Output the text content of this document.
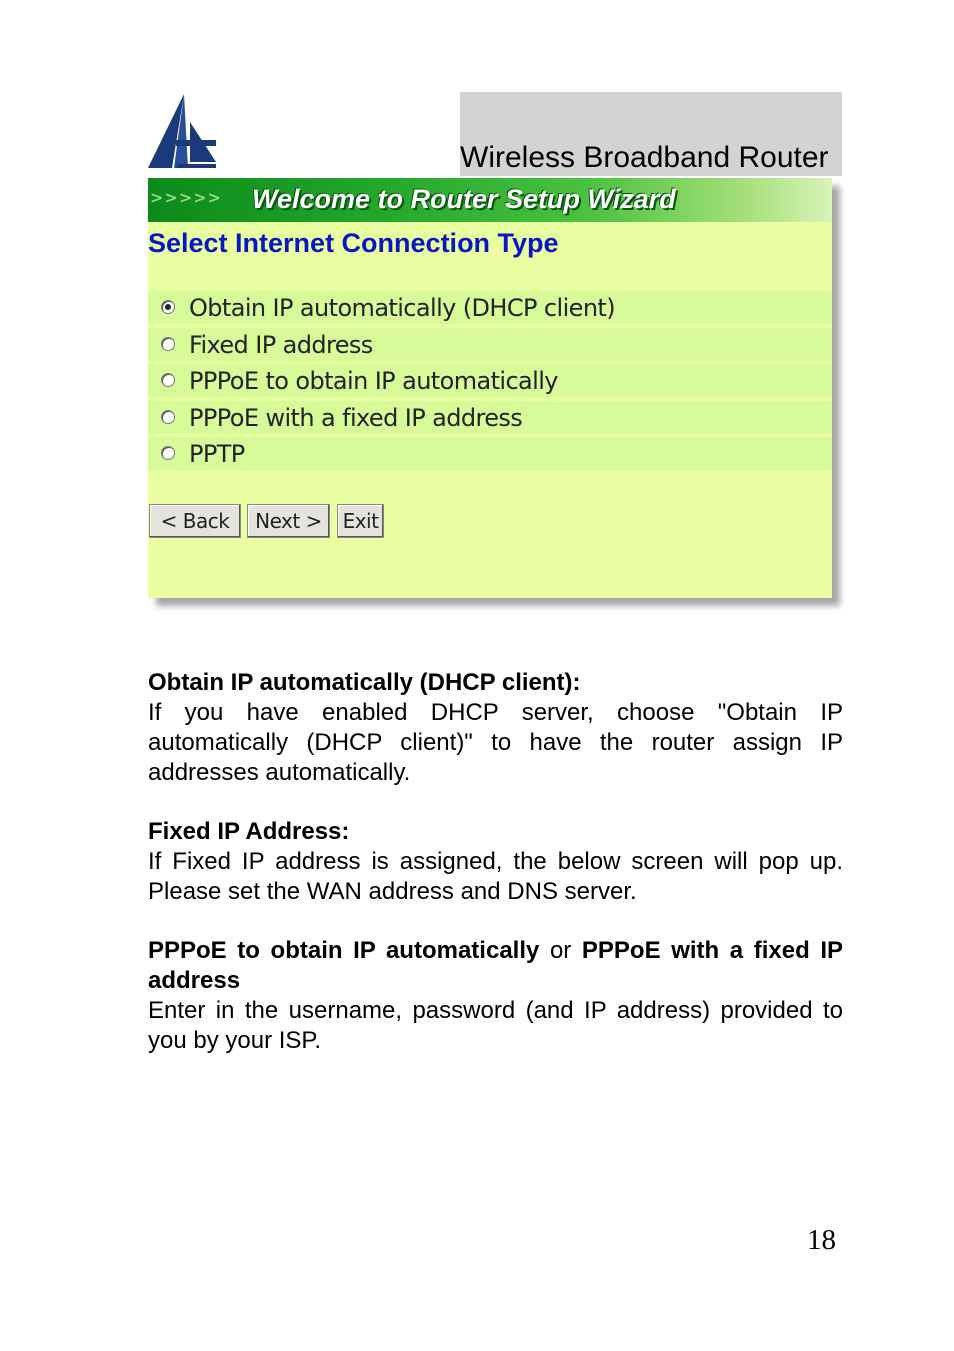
Wireless Broadband Router
>>>>> Welcome to Router Setup Wizard
Select Internet Connection Type
Obtain IP automatically (DHCP client)
Fixed IP address
PPPoE to obtain IP automatically
PPPoE with a fixed IP address
PPTP
< Back	Next >	Exit
Obtain IP automatically (DHCP client):

If you have enabled DHCP server, choose "Obtain IP automatically (DHCP client)" to have the router assign IP addresses automatically.

Fixed IP Address:

If Fixed IP address is assigned, the below screen will pop up. Please set the WAN address and DNS server.

PPPoE to obtain IP automatically or PPPoE with a fixed IP address

Enter in the username, password (and IP address) provided to you by your ISP.

18
